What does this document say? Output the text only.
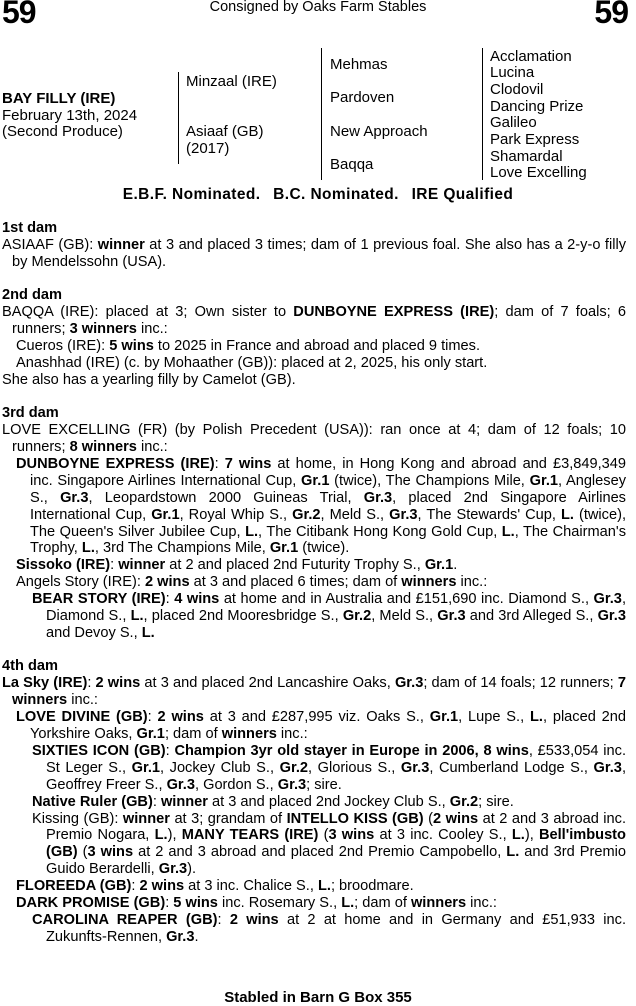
59	Consigned by Oaks Farm Stables	59
BAY FILLY (IRE)
February 13th, 2024
(Second Produce)
Minzaal (IRE)
Asiaaf (GB)
(2017)
Mehmas
Pardoven
New Approach
Baqqa
Acclamation
Lucina
Clodovil
Dancing Prize
Galileo
Park Express
Shamardal
Love Excelling
E.B.F. Nominated. B.C. Nominated. IRE Qualified
1st dam

ASIAAF (GB): winner at 3 and placed 3 times; dam of 1 previous foal. She also has a 2-y-o filly by Mendelssohn (USA).

2nd dam

BAQQA (IRE): placed at 3; Own sister to DUNBOYNE EXPRESS (IRE); dam of 7 foals; 6 runners; 3 winners inc.:

Cueros (IRE): 5 wins to 2025 in France and abroad and placed 9 times.

Anashhad (IRE) (c. by Mohaather (GB)): placed at 2, 2025, his only start.

She also has a yearling filly by Camelot (GB).

3rd dam

LOVE EXCELLING (FR) (by Polish Precedent (USA)): ran once at 4; dam of 12 foals; 10 runners; 8 winners inc.:

DUNBOYNE EXPRESS (IRE): 7 wins at home, in Hong Kong and abroad and £3,849,349 inc. Singapore Airlines International Cup, Gr.1 (twice), The Champions Mile, Gr.1, Anglesey S., Gr.3, Leopardstown 2000 Guineas Trial, Gr.3, placed 2nd Singapore Airlines International Cup, Gr.1, Royal Whip S., Gr.2, Meld S., Gr.3, The Stewards' Cup, L. (twice), The Queen's Silver Jubilee Cup, L., The Citibank Hong Kong Gold Cup, L., The Chairman's Trophy, L., 3rd The Champions Mile, Gr.1 (twice).

Sissoko (IRE): winner at 2 and placed 2nd Futurity Trophy S., Gr.1.

Angels Story (IRE): 2 wins at 3 and placed 6 times; dam of winners inc.:

BEAR STORY (IRE): 4 wins at home and in Australia and £151,690 inc. Diamond S., Gr.3, Diamond S., L., placed 2nd Mooresbridge S., Gr.2, Meld S., Gr.3 and 3rd Alleged S., Gr.3 and Devoy S., L.

4th dam

La Sky (IRE): 2 wins at 3 and placed 2nd Lancashire Oaks, Gr.3; dam of 14 foals; 12 runners; 7 winners inc.:

LOVE DIVINE (GB): 2 wins at 3 and £287,995 viz. Oaks S., Gr.1, Lupe S., L., placed 2nd Yorkshire Oaks, Gr.1; dam of winners inc.:

SIXTIES ICON (GB): Champion 3yr old stayer in Europe in 2006, 8 wins, £533,054 inc. St Leger S., Gr.1, Jockey Club S., Gr.2, Glorious S., Gr.3, Cumberland Lodge S., Gr.3, Geoffrey Freer S., Gr.3, Gordon S., Gr.3; sire.

Native Ruler (GB): winner at 3 and placed 2nd Jockey Club S., Gr.2; sire.

Kissing (GB): winner at 3; grandam of INTELLO KISS (GB) (2 wins at 2 and 3 abroad inc. Premio Nogara, L.), MANY TEARS (IRE) (3 wins at 3 inc. Cooley S., L.), Bell'imbusto (GB) (3 wins at 2 and 3 abroad and placed 2nd Premio Campobello, L. and 3rd Premio Guido Berardelli, Gr.3).

FLOREEDA (GB): 2 wins at 3 inc. Chalice S., L.; broodmare.

DARK PROMISE (GB): 5 wins inc. Rosemary S., L.; dam of winners inc.:

CAROLINA REAPER (GB): 2 wins at 2 at home and in Germany and £51,933 inc. Zukunfts-Rennen, Gr.3.

Stabled in Barn G Box 355
